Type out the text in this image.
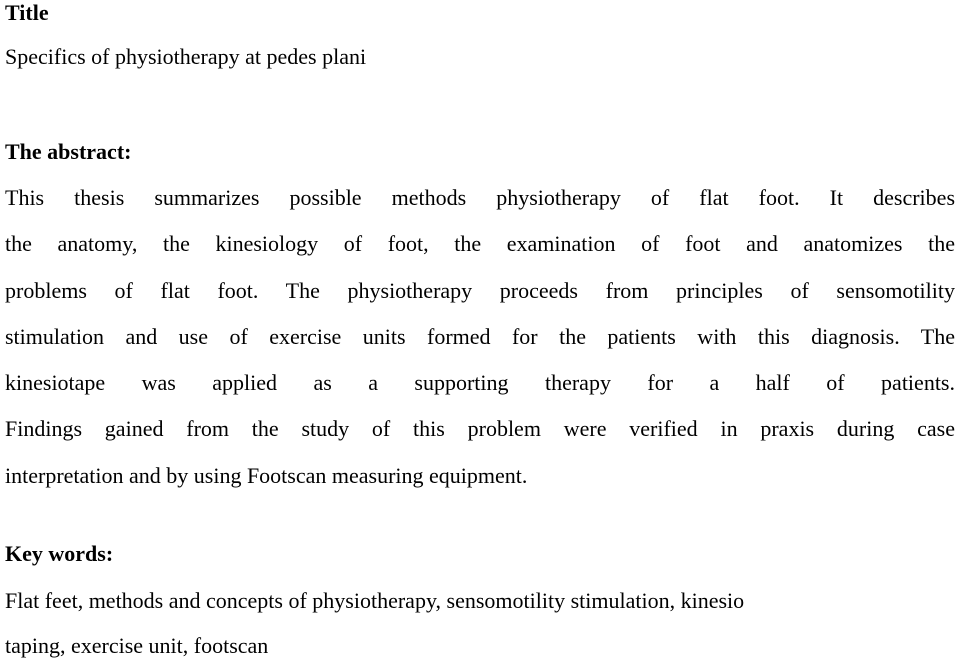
Title
Specifics of physiotherapy at pedes plani
The abstract:
This thesis summarizes possible methods physiotherapy of flat foot. It describes
the anatomy, the kinesiology of foot, the examination of foot and anatomizes the
problems of flat foot. The physiotherapy proceeds from principles of sensomotility
stimulation and use of exercise units formed for the patients with this diagnosis. The
kinesiotape was applied as a supporting therapy for a half of patients.
Findings gained from the study of this problem were verified in praxis during case
interpretation and by using Footscan measuring equipment.
Key words:
Flat feet, methods and concepts of physiotherapy, sensomotility stimulation, kinesio
taping, exercise unit, footscan
